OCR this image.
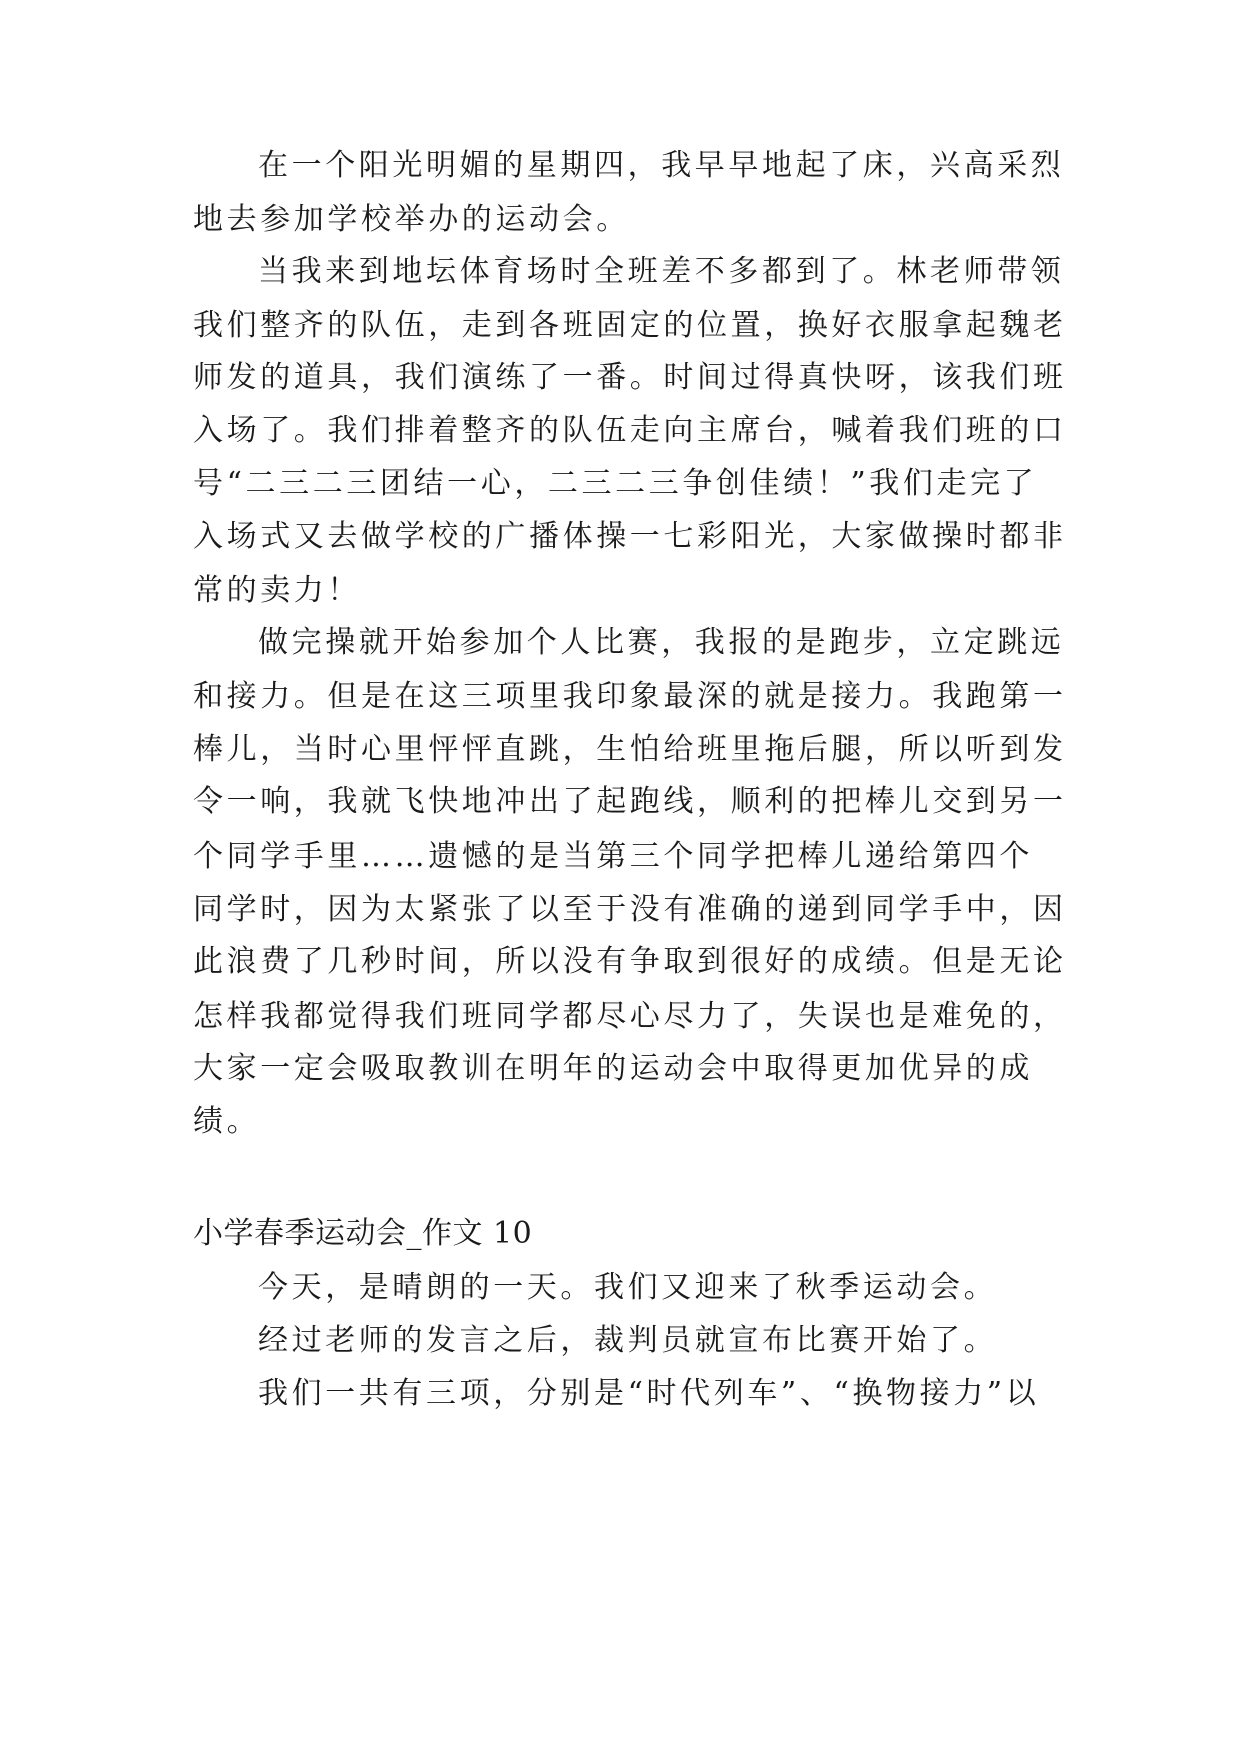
在一个阳光明媚的星期四，我早早地起了床，兴高采烈
地去参加学校举办的运动会。
当我来到地坛体育场时全班差不多都到了。林老师带领
我们整齐的队伍，走到各班固定的位置，换好衣服拿起魏老
师发的道具，我们演练了一番。时间过得真快呀，该我们班
入场了。我们排着整齐的队伍走向主席台，喊着我们班的口
号“二三二三团结一心，二三二三争创佳绩！”我们走完了
入场式又去做学校的广播体操一七彩阳光，大家做操时都非
常的卖力！
做完操就开始参加个人比赛，我报的是跑步，立定跳远
和接力。但是在这三项里我印象最深的就是接力。我跑第一
棒儿，当时心里怦怦直跳，生怕给班里拖后腿，所以听到发
令一响，我就飞快地冲出了起跑线，顺利的把棒儿交到另一
个同学手里……遗憾的是当第三个同学把棒儿递给第四个
同学时，因为太紧张了以至于没有准确的递到同学手中，因
此浪费了几秒时间，所以没有争取到很好的成绩。但是无论
怎样我都觉得我们班同学都尽心尽力了，失误也是难免的，
大家一定会吸取教训在明年的运动会中取得更加优异的成
绩。
小学春季运动会_作文 10
今天，是晴朗的一天。我们又迎来了秋季运动会。
经过老师的发言之后，裁判员就宣布比赛开始了。
我们一共有三项，分别是“时代列车”、“换物接力”以
